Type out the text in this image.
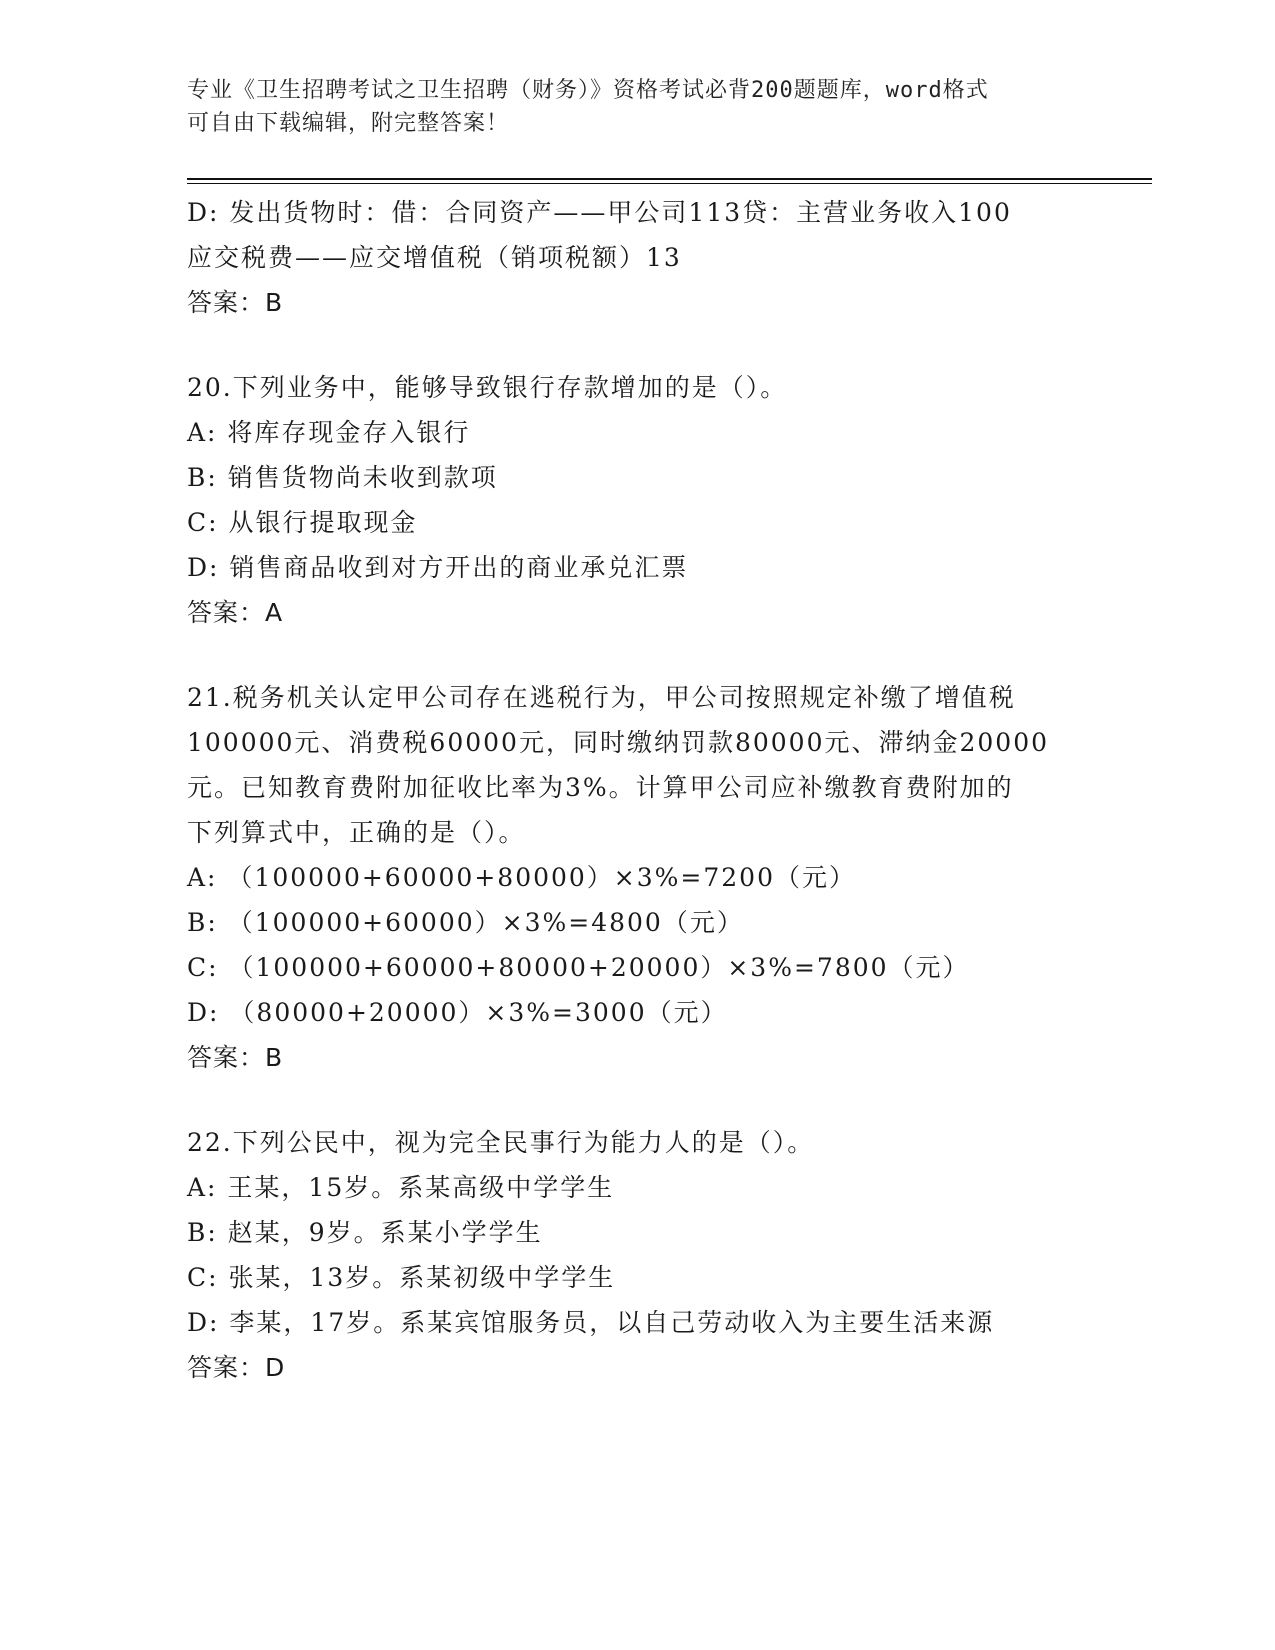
专业《卫生招聘考试之卫生招聘（财务）》资格考试必背200题题库，word格式
可自由下载编辑，附完整答案！
D: 发出货物时：借：合同资产——甲公司113贷：主营业务收入100
应交税费——应交增值税（销项税额）13
答案：B
20.下列业务中，能够导致银行存款增加的是（）。
A: 将库存现金存入银行
B: 销售货物尚未收到款项
C: 从银行提取现金
D: 销售商品收到对方开出的商业承兑汇票
答案：A
21.税务机关认定甲公司存在逃税行为，甲公司按照规定补缴了增值税
100000元、消费税60000元，同时缴纳罚款80000元、滞纳金20000
元。已知教育费附加征收比率为3%。计算甲公司应补缴教育费附加的
下列算式中，正确的是（）。
A: （100000+60000+80000）×3%=7200（元）
B: （100000+60000）×3%=4800（元）
C: （100000+60000+80000+20000）×3%=7800（元）
D: （80000+20000）×3%=3000（元）
答案：B
22.下列公民中，视为完全民事行为能力人的是（）。
A: 王某，15岁。系某高级中学学生
B: 赵某，9岁。系某小学学生
C: 张某，13岁。系某初级中学学生
D: 李某，17岁。系某宾馆服务员，以自己劳动收入为主要生活来源
答案：D
